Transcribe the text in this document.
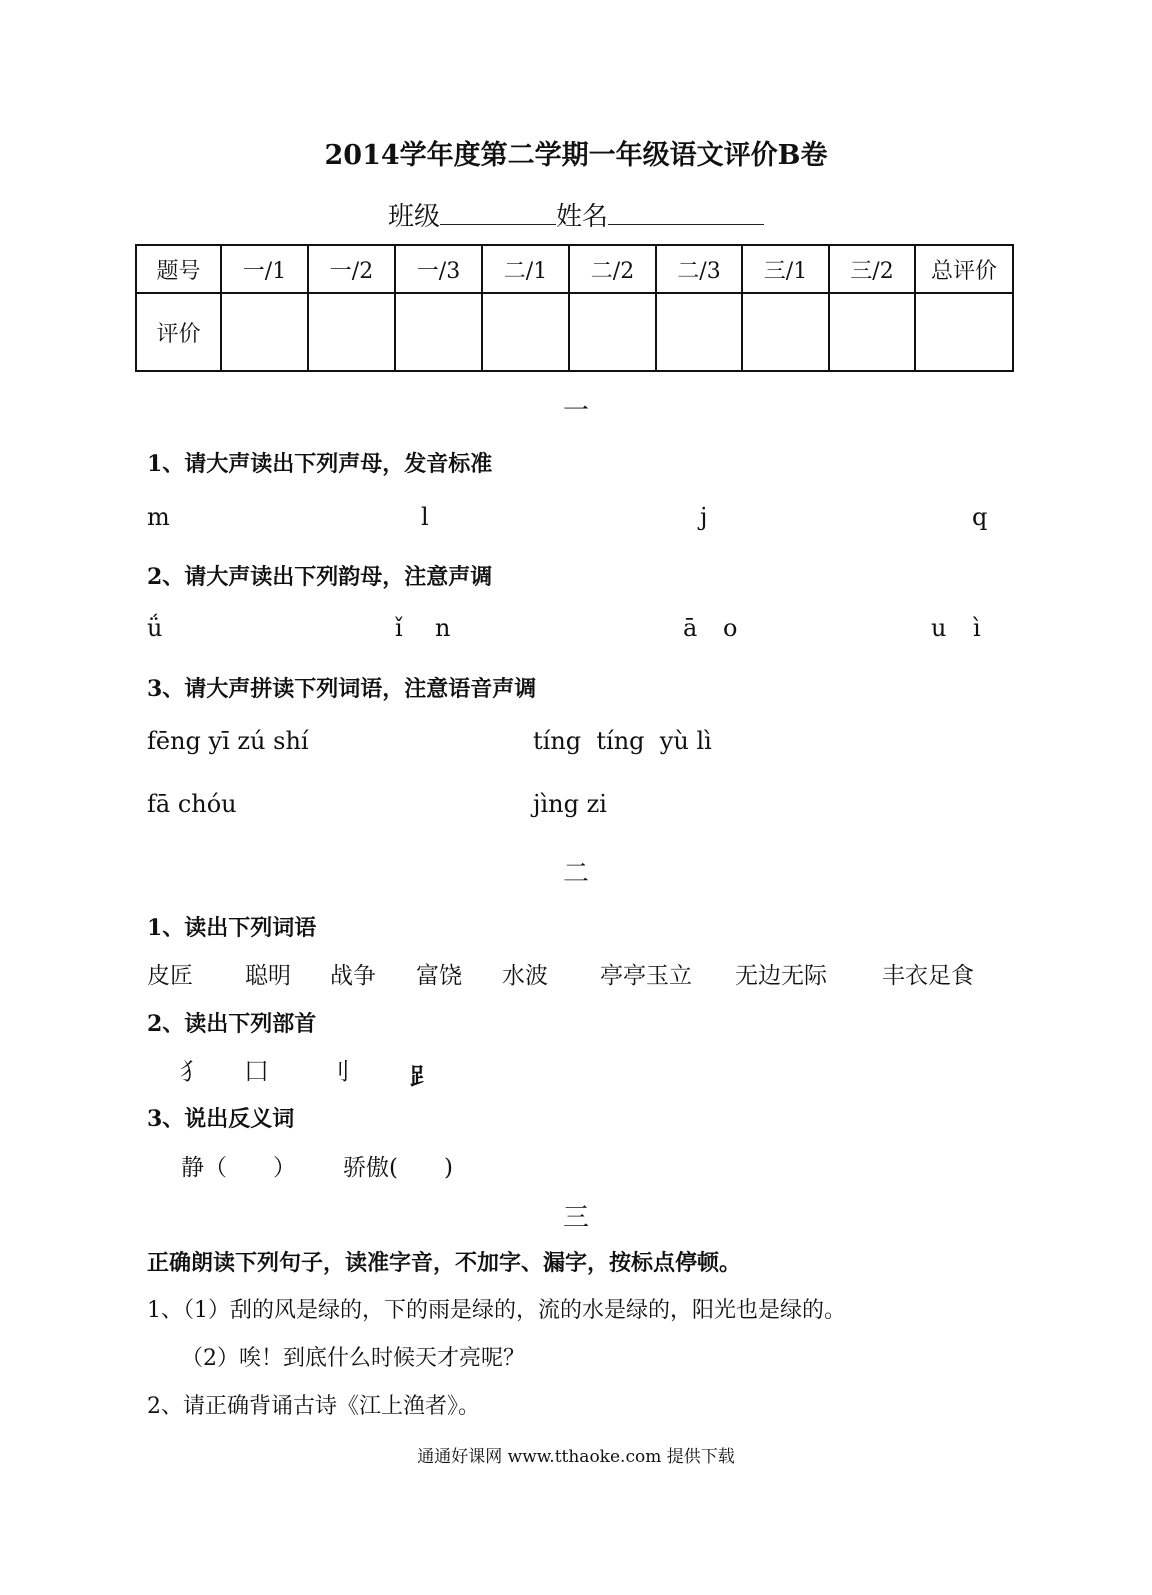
2014学年度第二学期一年级语文评价B卷
班级	姓名
题号	一/1	一/2	一/3	二/1	二/2	二/3	三/1	三/2	总评价
评价									
一
1、请大声读出下列声母，发音标准
m	l	j	q
2、请大声读出下列韵母，注意声调
ǘ	ǐ n	ā o	u ì
3、请大声拼读下列词语，注意语音声调
fēng yī zú shí	tíng  tíng  yù lì
fā chóu	jìng zi
二
1、读出下列词语
皮匠 聪明 战争 富饶 水波 亭亭玉立 无边无际 丰衣足食
2、读出下列部首
犭 囗	刂	𧾷
3、说出反义词
静（　　） 骄傲(　　)
三
正确朗读下列句子，读准字音，不加字、漏字，按标点停顿。
1、（1）刮的风是绿的，下的雨是绿的，流的水是绿的，阳光也是绿的。
（2）唉！到底什么时候天才亮呢？
2、请正确背诵古诗《江上渔者》。
通通好课网 www.tthaoke.com 提供下载
